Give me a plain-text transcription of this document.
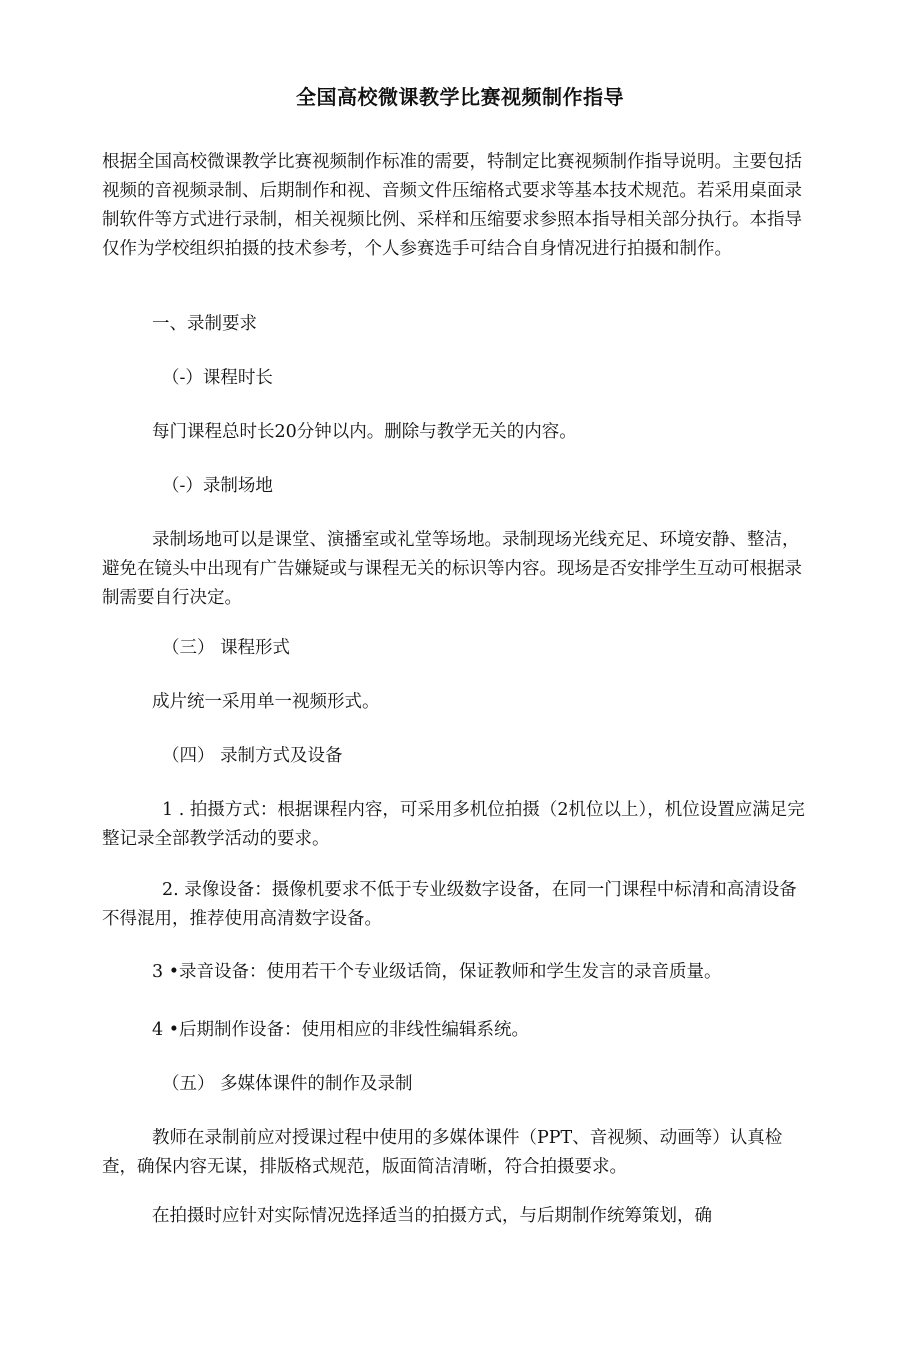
全国高校微课教学比赛视频制作指导

根据全国高校微课教学比赛视频制作标准的需要，特制定比赛视频制作指导说明。主要包括视频的音视频录制、后期制作和视、音频文件压缩格式要求等基本技术规范。若采用桌面录制软件等方式进行录制，相关视频比例、采样和压缩要求参照本指导相关部分执行。本指导仅作为学校组织拍摄的技术参考，个人参赛选手可结合自身情况进行拍摄和制作。

一、录制要求

（-）课程时长

每门课程总时长20分钟以内。删除与教学无关的内容。

（-）录制场地

录制场地可以是课堂、演播室或礼堂等场地。录制现场光线充足、环境安静、整洁，避免在镜头中出现有广告嫌疑或与课程无关的标识等内容。现场是否安排学生互动可根据录制需要自行决定。

（三） 课程形式

成片统一采用单一视频形式。

（四） 录制方式及设备

1 . 拍摄方式：根据课程内容，可采用多机位拍摄（2机位以上），机位设置应满足完整记录全部教学活动的要求。

2. 录像设备：摄像机要求不低于专业级数字设备，在同一门课程中标清和高清设备不得混用，推荐使用高清数字设备。

3 •录音设备：使用若干个专业级话筒，保证教师和学生发言的录音质量。

4 •后期制作设备：使用相应的非线性编辑系统。

（五） 多媒体课件的制作及录制

教师在录制前应对授课过程中使用的多媒体课件（PPT、音视频、动画等）认真检查，确保内容无谋，排版格式规范，版面简洁清晰，符合拍摄要求。

在拍摄时应针对实际情况选择适当的拍摄方式，与后期制作统筹策划，确
